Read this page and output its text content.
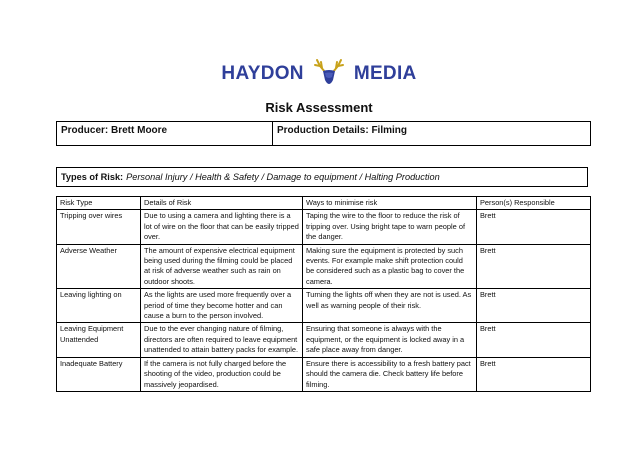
HAYDON	MEDIA
Risk Assessment
Producer: Brett Moore	Production Details: Filming
Types of Risk: Personal Injury / Health & Safety / Damage to equipment / Halting Production
Risk Type	Details of Risk	Ways to minimise risk	Person(s) Responsible
Tripping over wires	Due to using a camera and lighting there is a lot of wire on the floor that can be easily tripped over.	Taping the wire to the floor to reduce the risk of tripping over. Using bright tape to warn people of the danger.	Brett
Adverse Weather	The amount of expensive electrical equipment being used during the filming could be placed at risk of adverse weather such as rain on outdoor shoots.	Making sure the equipment is protected by such events. For example make shift protection could be considered such as a plastic bag to cover the camera.	Brett
Leaving lighting on	As the lights are used more frequently over a period of time they become hotter and can cause a burn to the person involved.	Turning the lights off when they are not is used. As well as warning people of their risk.	Brett
Leaving Equipment Unattended	Due to the ever changing nature of filming, directors are often required to leave equipment unattended to attain battery packs for example.	Ensuring that someone is always with the equipment, or the equipment is locked away in a safe place away from danger.	Brett
Inadequate Battery	If the camera is not fully charged before the shooting of the video, production could be massively jeopardised.	Ensure there is accessibility to a fresh battery pact should the camera die. Check battery life before filming.	Brett
